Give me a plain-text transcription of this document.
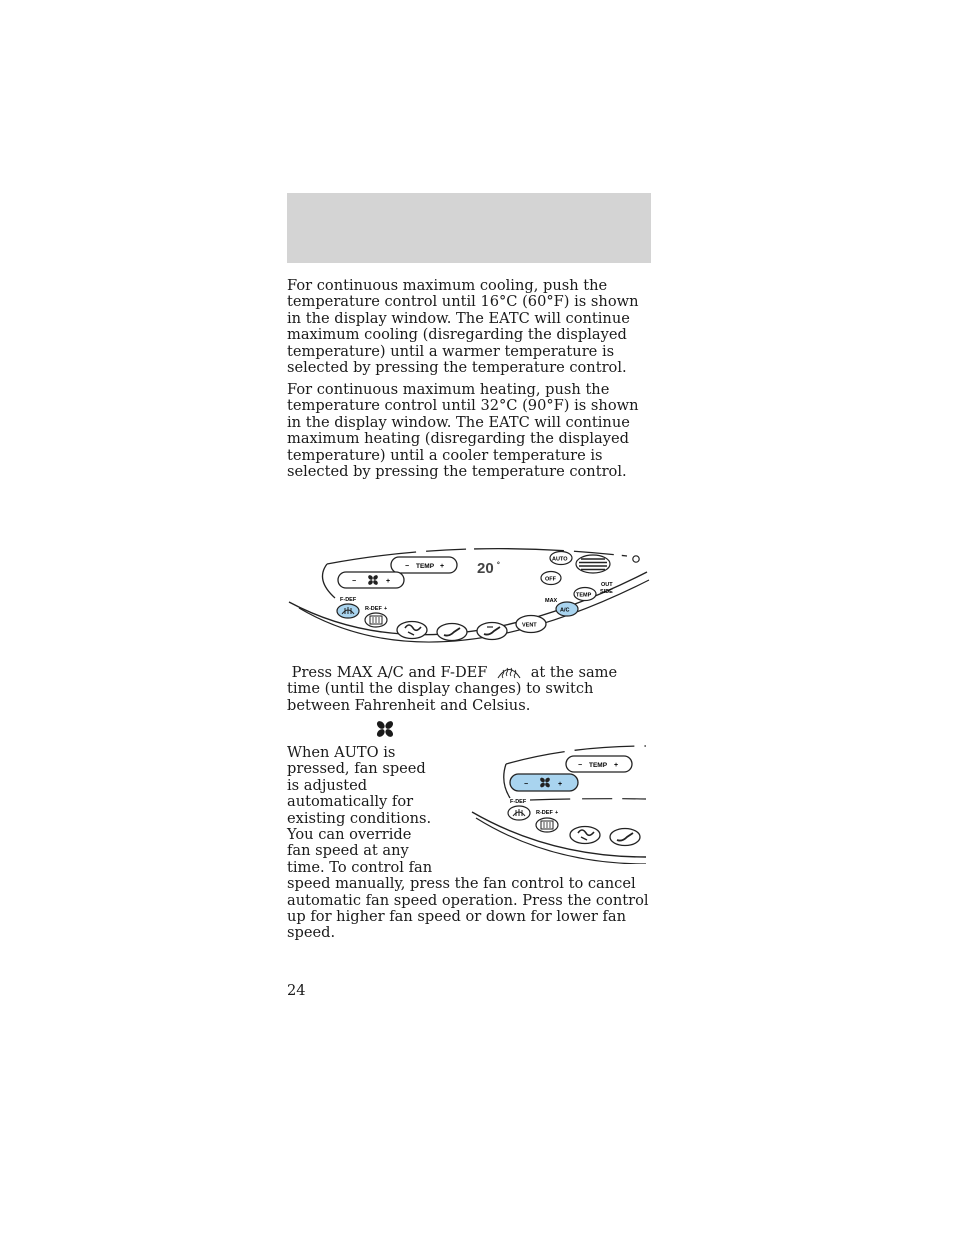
For continuous maximum cooling, push the temperature control until 16°C (60°F) is shown in the display window. The EATC will continue maximum cooling (disregarding the displayed temperature) until a warmer temperature is selected by pressing the temperature control.

For continuous maximum heating, push the temperature control until 32°C (90°F) is shown in the display window. The EATC will continue maximum heating (disregarding the displayed temperature) until a cooler temperature is selected by pressing the temperature control.

− TEMP + 20 °
−	+
AUTO
OFF
TEMP
OUT
SIDE
F-DEF
R-DEF +
VENT
MAX
A/C

Press MAX A/C and F-DEF	at the same time (until the display changes) to switch between Fahrenheit and Celsius.

When AUTO is pressed, fan speed is adjusted automatically for existing conditions. You can override fan speed at any time. To control fan speed manually, press the fan control to cancel automatic fan speed operation. Press the control up for higher fan speed or down for lower fan speed.

− TEMP +
−	+
F-DEF
R-DEF +
24
